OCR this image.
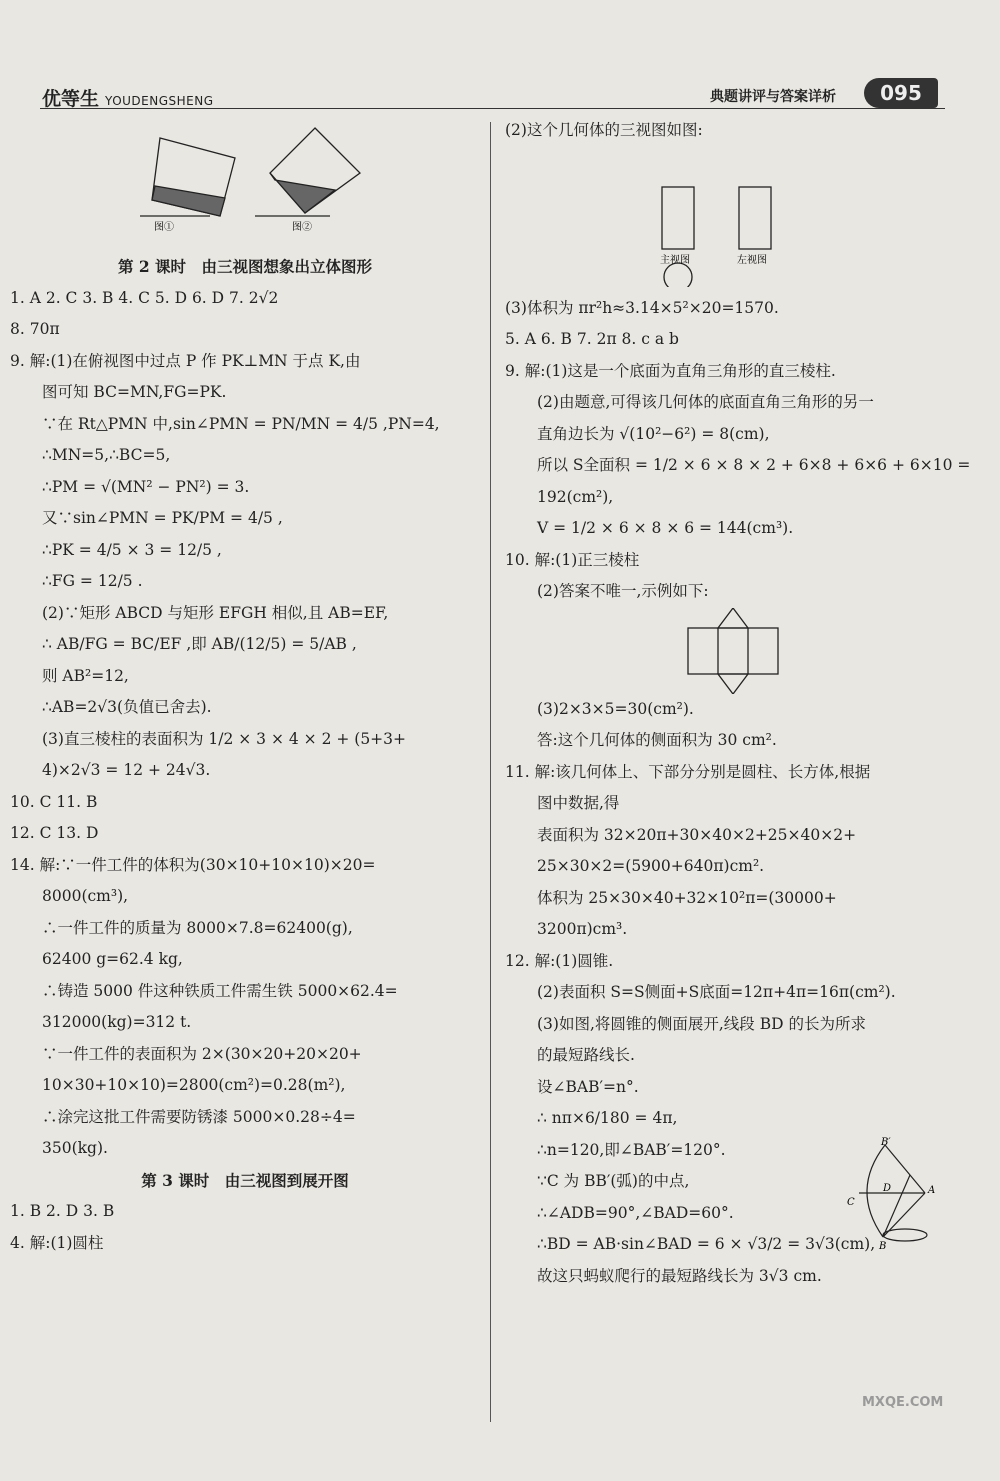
优等生 YOUDENGSHENG	典题讲评与答案详析	095
图①	图②
第 2 课时　由三视图想象出立体图形
1. A 2. C 3. B 4. C 5. D 6. D 7. 2√2
8. 70π
9. 解:(1)在俯视图中过点 P 作 PK⊥MN 于点 K,由
图可知 BC=MN,FG=PK.
∵在 Rt△PMN 中,sin∠PMN = PN/MN = 4/5 ,PN=4,
∴MN=5,∴BC=5,
∴PM = √(MN² − PN²) = 3.
又∵sin∠PMN = PK/PM = 4/5 ,
∴PK = 4/5 × 3 = 12/5 ,
∴FG = 12/5 .
(2)∵矩形 ABCD 与矩形 EFGH 相似,且 AB=EF,
∴ AB/FG = BC/EF ,即 AB/(12/5) = 5/AB ,
则 AB²=12,
∴AB=2√3(负值已舍去).
(3)直三棱柱的表面积为 1/2 × 3 × 4 × 2 + (5+3+
4)×2√3 = 12 + 24√3.
10. C 11. B
12. C 13. D
14. 解:∵一件工件的体积为(30×10+10×10)×20=
8000(cm³),
∴一件工件的质量为 8000×7.8=62400(g),
62400 g=62.4 kg,
∴铸造 5000 件这种铁质工件需生铁 5000×62.4=
312000(kg)=312 t.
∵一件工件的表面积为 2×(30×20+20×20+
10×30+10×10)=2800(cm²)=0.28(m²),
∴涂完这批工件需要防锈漆 5000×0.28÷4=
350(kg).
第 3 课时　由三视图到展开图
1. B 2. D 3. B
4. 解:(1)圆柱
(2)这个几何体的三视图如图:
主视图	左视图
(3)体积为 πr²h≈3.14×5²×20=1570.
5. A 6. B 7. 2π 8. c a b
9. 解:(1)这是一个底面为直角三角形的直三棱柱.
(2)由题意,可得该几何体的底面直角三角形的另一
直角边长为 √(10²−6²) = 8(cm),
所以 S全面积 = 1/2 × 6 × 8 × 2 + 6×8 + 6×6 + 6×10 =
192(cm²),
V = 1/2 × 6 × 8 × 6 = 144(cm³).
10. 解:(1)正三棱柱
(2)答案不唯一,示例如下:
(3)2×3×5=30(cm²).
答:这个几何体的侧面积为 30 cm².
11. 解:该几何体上、下部分分别是圆柱、长方体,根据
图中数据,得
表面积为 32×20π+30×40×2+25×40×2+
25×30×2=(5900+640π)cm².
体积为 25×30×40+32×10²π=(30000+
3200π)cm³.
12. 解:(1)圆锥.
(2)表面积 S=S侧面+S底面=12π+4π=16π(cm²).
(3)如图,将圆锥的侧面展开,线段 BD 的长为所求
的最短路线长.
设∠BAB′=n°.
∴ nπ×6/180 = 4π,
∴n=120,即∠BAB′=120°.
∵C 为 BB′(弧)的中点,
∴∠ADB=90°,∠BAD=60°.
∴BD = AB·sin∠BAD = 6 × √3/2 = 3√3(cm),
故这只蚂蚁爬行的最短路线长为 3√3 cm.
B′
A
B
C
D
MXQE.COM
